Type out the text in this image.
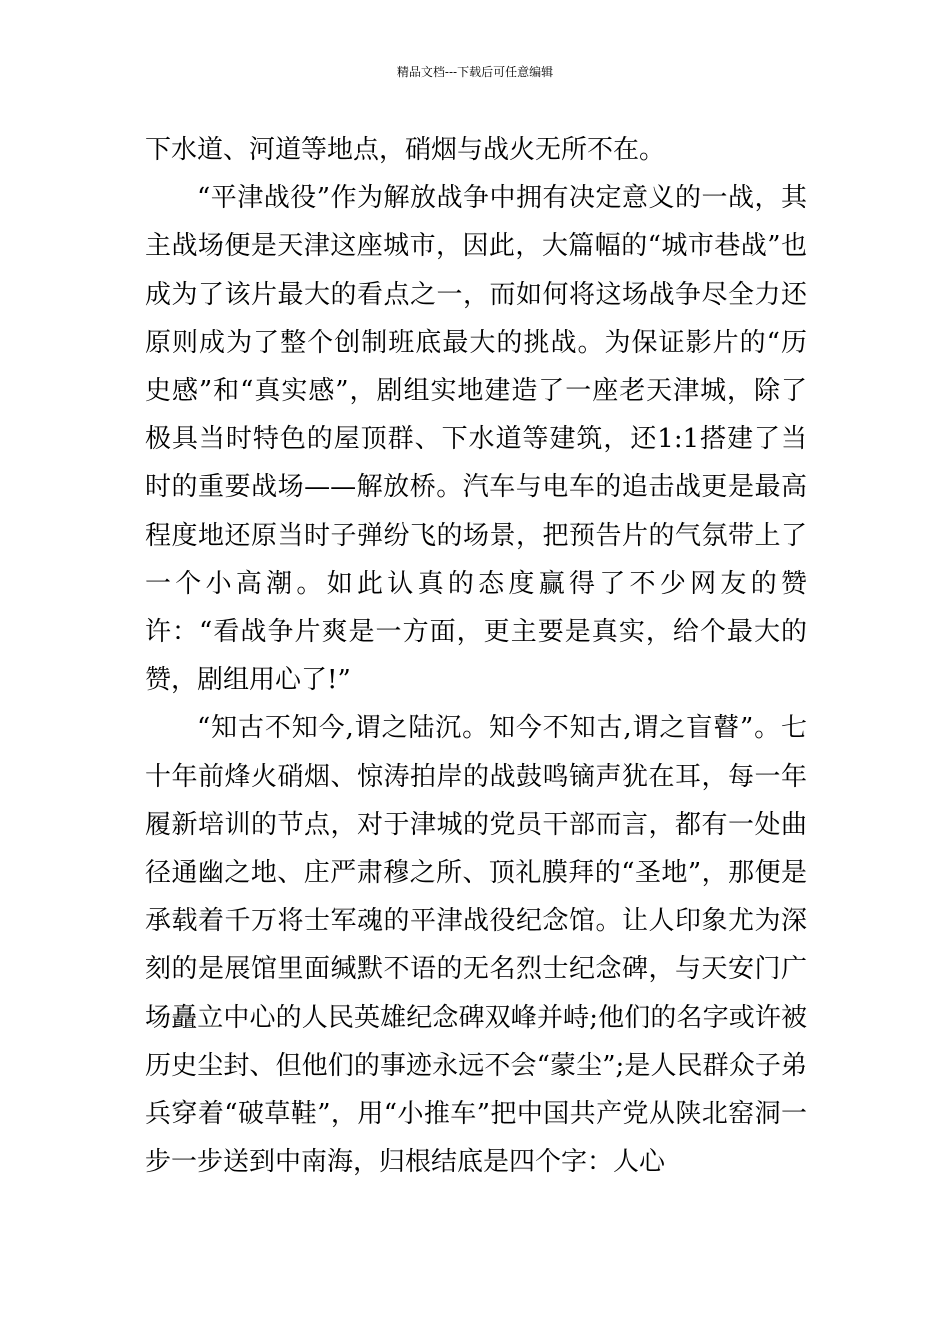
精品文档---下载后可任意编辑

下水道、河道等地点，硝烟与战火无所不在。

“平津战役”作为解放战争中拥有决定意义的一战，其主战场便是天津这座城市，因此，大篇幅的“城市巷战”也成为了该片最大的看点之一，而如何将这场战争尽全力还原则成为了整个创制班底最大的挑战。为保证影片的“历史感”和“真实感”，剧组实地建造了一座老天津城，除了极具当时特色的屋顶群、下水道等建筑，还1:1搭建了当时的重要战场——解放桥。汽车与电车的追击战更是最高程度地还原当时子弹纷飞的场景，把预告片的气氛带上了一个小高潮。如此认真的态度赢得了不少网友的赞许：“看战争片爽是一方面，更主要是真实，给个最大的赞，剧组用心了!”

“知古不知今,谓之陆沉。知今不知古,谓之盲瞽”。七十年前烽火硝烟、惊涛拍岸的战鼓鸣镝声犹在耳，每一年履新培训的节点，对于津城的党员干部而言，都有一处曲径通幽之地、庄严肃穆之所、顶礼膜拜的“圣地”，那便是承载着千万将士军魂的平津战役纪念馆。让人印象尤为深刻的是展馆里面缄默不语的无名烈士纪念碑，与天安门广场矗立中心的人民英雄纪念碑双峰并峙;他们的名字或许被历史尘封、但他们的事迹永远不会“蒙尘”;是人民群众子弟兵穿着“破草鞋”，用“小推车”把中国共产党从陕北窑洞一步一步送到中南海，归根结底是四个字：人心
